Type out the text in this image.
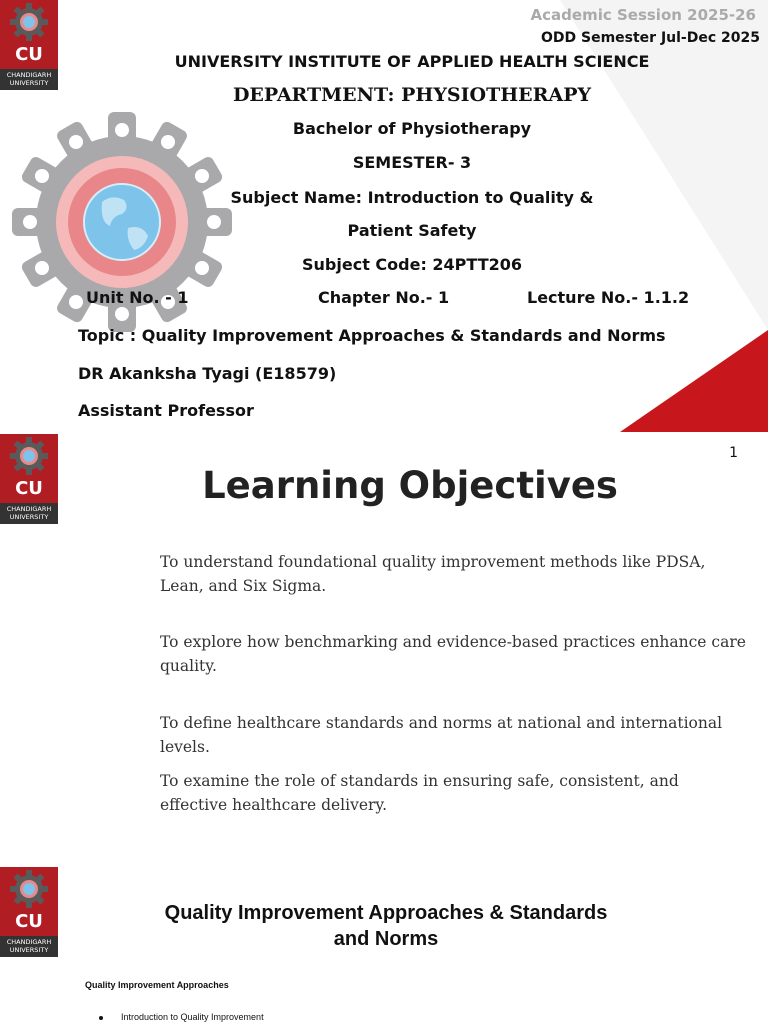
CU
CHANDIGARH
UNIVERSITY
Academic Session 2025-26
ODD Semester Jul-Dec 2025
UNIVERSITY INSTITUTE OF APPLIED HEALTH SCIENCE
DEPARTMENT: PHYSIOTHERAPY
Bachelor of Physiotherapy
SEMESTER- 3
Subject Name: Introduction to Quality &
Patient Safety
Subject Code: 24PTT206
Unit No. - 1	Chapter No.- 1	Lecture No.- 1.1.2
Topic : Quality Improvement Approaches & Standards and Norms
DR Akanksha Tyagi (E18579)
Assistant Professor
CU
CHANDIGARH
UNIVERSITY
1
Learning Objectives
To understand foundational quality improvement methods like PDSA, Lean, and Six Sigma.
To explore how benchmarking and evidence-based practices enhance care quality.
To define healthcare standards and norms at national and international levels.
To examine the role of standards in ensuring safe, consistent, and effective healthcare delivery.
CU
CHANDIGARH
UNIVERSITY
Quality Improvement Approaches & Standards
and Norms
Quality Improvement Approaches
Introduction to Quality Improvement
